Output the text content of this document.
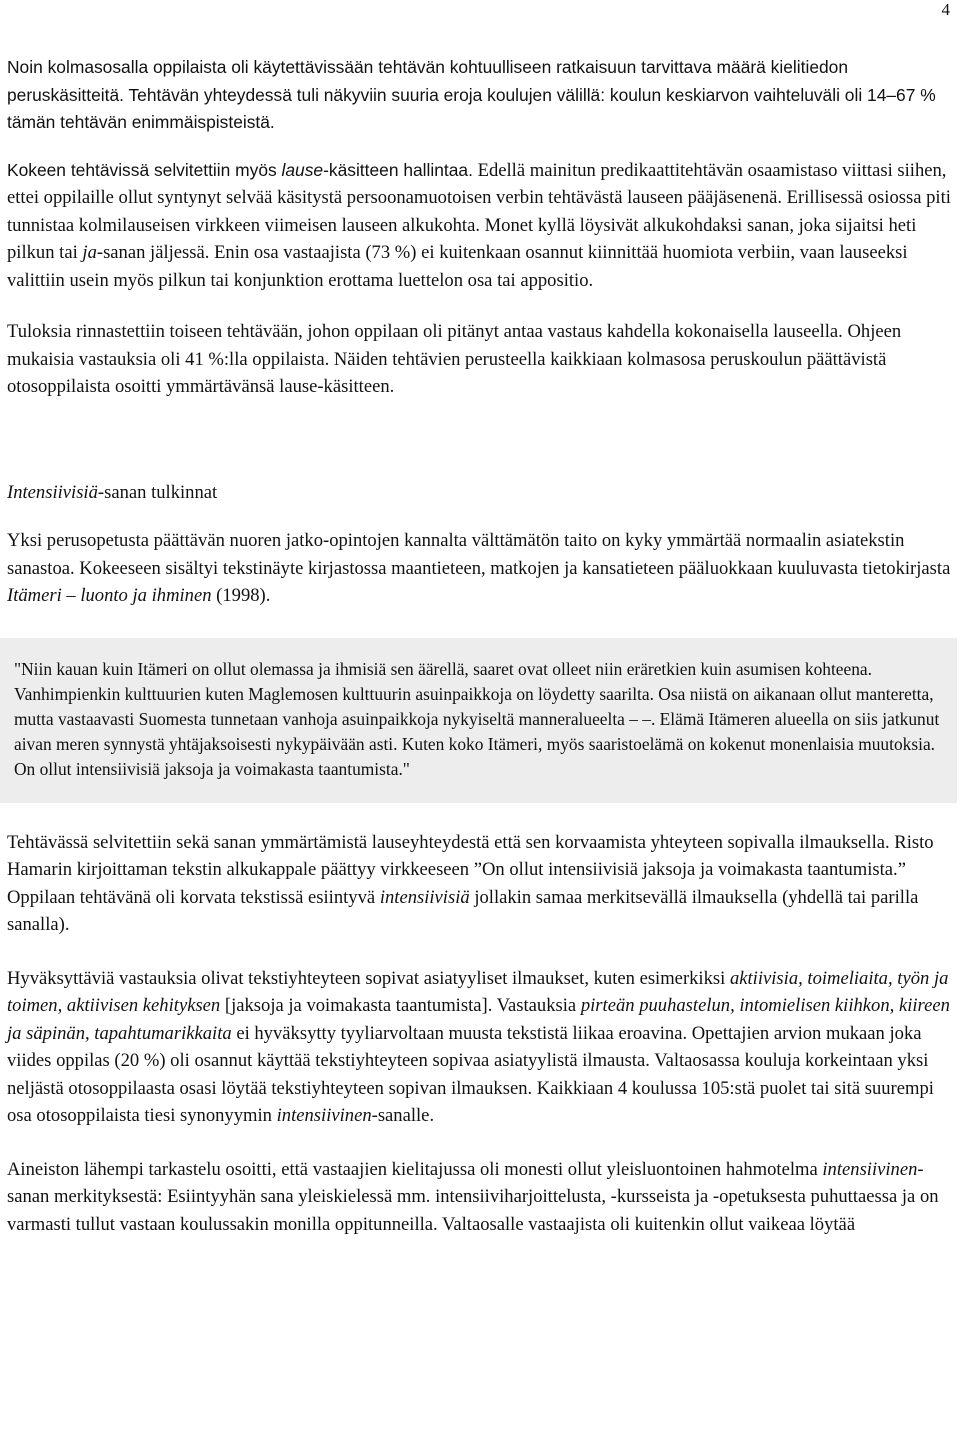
4

Noin kolmasosalla oppilaista oli käytettävissään tehtävän kohtuulliseen ratkaisuun tarvittava määrä kielitiedon peruskäsitteitä. Tehtävän yhteydessä tuli näkyviin suuria eroja koulujen välillä: koulun keskiarvon vaihteluväli oli 14–67 % tämän tehtävän enimmäispisteistä.

Kokeen tehtävissä selvitettiin myös lause-käsitteen hallintaa. Edellä mainitun predikaattitehtävän osaamistaso viittasi siihen, ettei oppilaille ollut syntynyt selvää käsitystä persoonamuotoisen verbin tehtävästä lauseen pääjäsenenä. Erillisessä osiossa piti tunnistaa kolmilauseisen virkkeen viimeisen lauseen alkukohta. Monet kyllä löysivät alkukohdaksi sanan, joka sijaitsi heti pilkun tai ja-sanan jäljessä. Enin osa vastaajista (73 %) ei kuitenkaan osannut kiinnittää huomiota verbiin, vaan lauseeksi valittiin usein myös pilkun tai konjunktion erottama luettelon osa tai appositio.

Tuloksia rinnastettiin toiseen tehtävään, johon oppilaan oli pitänyt antaa vastaus kahdella kokonaisella lauseella. Ohjeen mukaisia vastauksia oli 41 %:lla oppilaista. Näiden tehtävien perusteella kaikkiaan kolmasosa peruskoulun päättävistä otosoppilaista osoitti ymmärtävänsä lause-käsitteen.

Intensiivisiä-sanan tulkinnat

Yksi perusopetusta päättävän nuoren jatko-opintojen kannalta välttämätön taito on kyky ymmärtää normaalin asiatekstin sanastoa. Kokeeseen sisältyi tekstinäyte kirjastossa maantieteen, matkojen ja kansatieteen pääluokkaan kuuluvasta tietokirjasta Itämeri – luonto ja ihminen (1998).

"Niin kauan kuin Itämeri on ollut olemassa ja ihmisiä sen äärellä, saaret ovat olleet niin eräretkien kuin asumisen kohteena. Vanhimpienkin kulttuurien kuten Maglemosen kulttuurin asuinpaikkoja on löydetty saarilta. Osa niistä on aikanaan ollut manteretta, mutta vastaavasti Suomesta tunnetaan vanhoja asuinpaikkoja nykyiseltä manneralueelta – –. Elämä Itämeren alueella on siis jatkunut aivan meren synnystä yhtäjaksoisesti nykypäivään asti. Kuten koko Itämeri, myös saaristoelämä on kokenut monenlaisia muutoksia. On ollut intensiivisiä jaksoja ja voimakasta taantumista."

Tehtävässä selvitettiin sekä sanan ymmärtämistä lauseyhteydestä että sen korvaamista yhteyteen sopivalla ilmauksella. Risto Hamarin kirjoittaman tekstin alkukappale päättyy virkkeeseen ”On ollut intensiivisiä jaksoja ja voimakasta taantumista.” Oppilaan tehtävänä oli korvata tekstissä esiintyvä intensiivisiä jollakin samaa merkitsevällä ilmauksella (yhdellä tai parilla sanalla).

Hyväksyttäviä vastauksia olivat tekstiyhteyteen sopivat asiatyyliset ilmaukset, kuten esimerkiksi aktiivisia, toimeliaita, työn ja toimen, aktiivisen kehityksen [jaksoja ja voimakasta taantumista]. Vastauksia pirteän puuhastelun, intomielisen kiihkon, kiireen ja säpinän, tapahtumarikkaita ei hyväksytty tyyliarvoltaan muusta tekstistä liikaa eroavina. Opettajien arvion mukaan joka viides oppilas (20 %) oli osannut käyttää tekstiyhteyteen sopivaa asiatyylistä ilmausta. Valtaosassa kouluja korkeintaan yksi neljästä otosoppilaasta osasi löytää tekstiyhteyteen sopivan ilmauksen. Kaikkiaan 4 koulussa 105:stä puolet tai sitä suurempi osa otosoppilaista tiesi synonyymin intensiivinen-sanalle.

Aineiston lähempi tarkastelu osoitti, että vastaajien kielitajussa oli monesti ollut yleisluontoinen hahmotelma intensiivinen-sanan merkityksestä: Esiintyyhän sana yleiskielessä mm. intensiiviharjoittelusta, -kursseista ja -opetuksesta puhuttaessa ja on varmasti tullut vastaan koulussakin monilla oppitunneilla. Valtaosalle vastaajista oli kuitenkin ollut vaikeaa löytää
